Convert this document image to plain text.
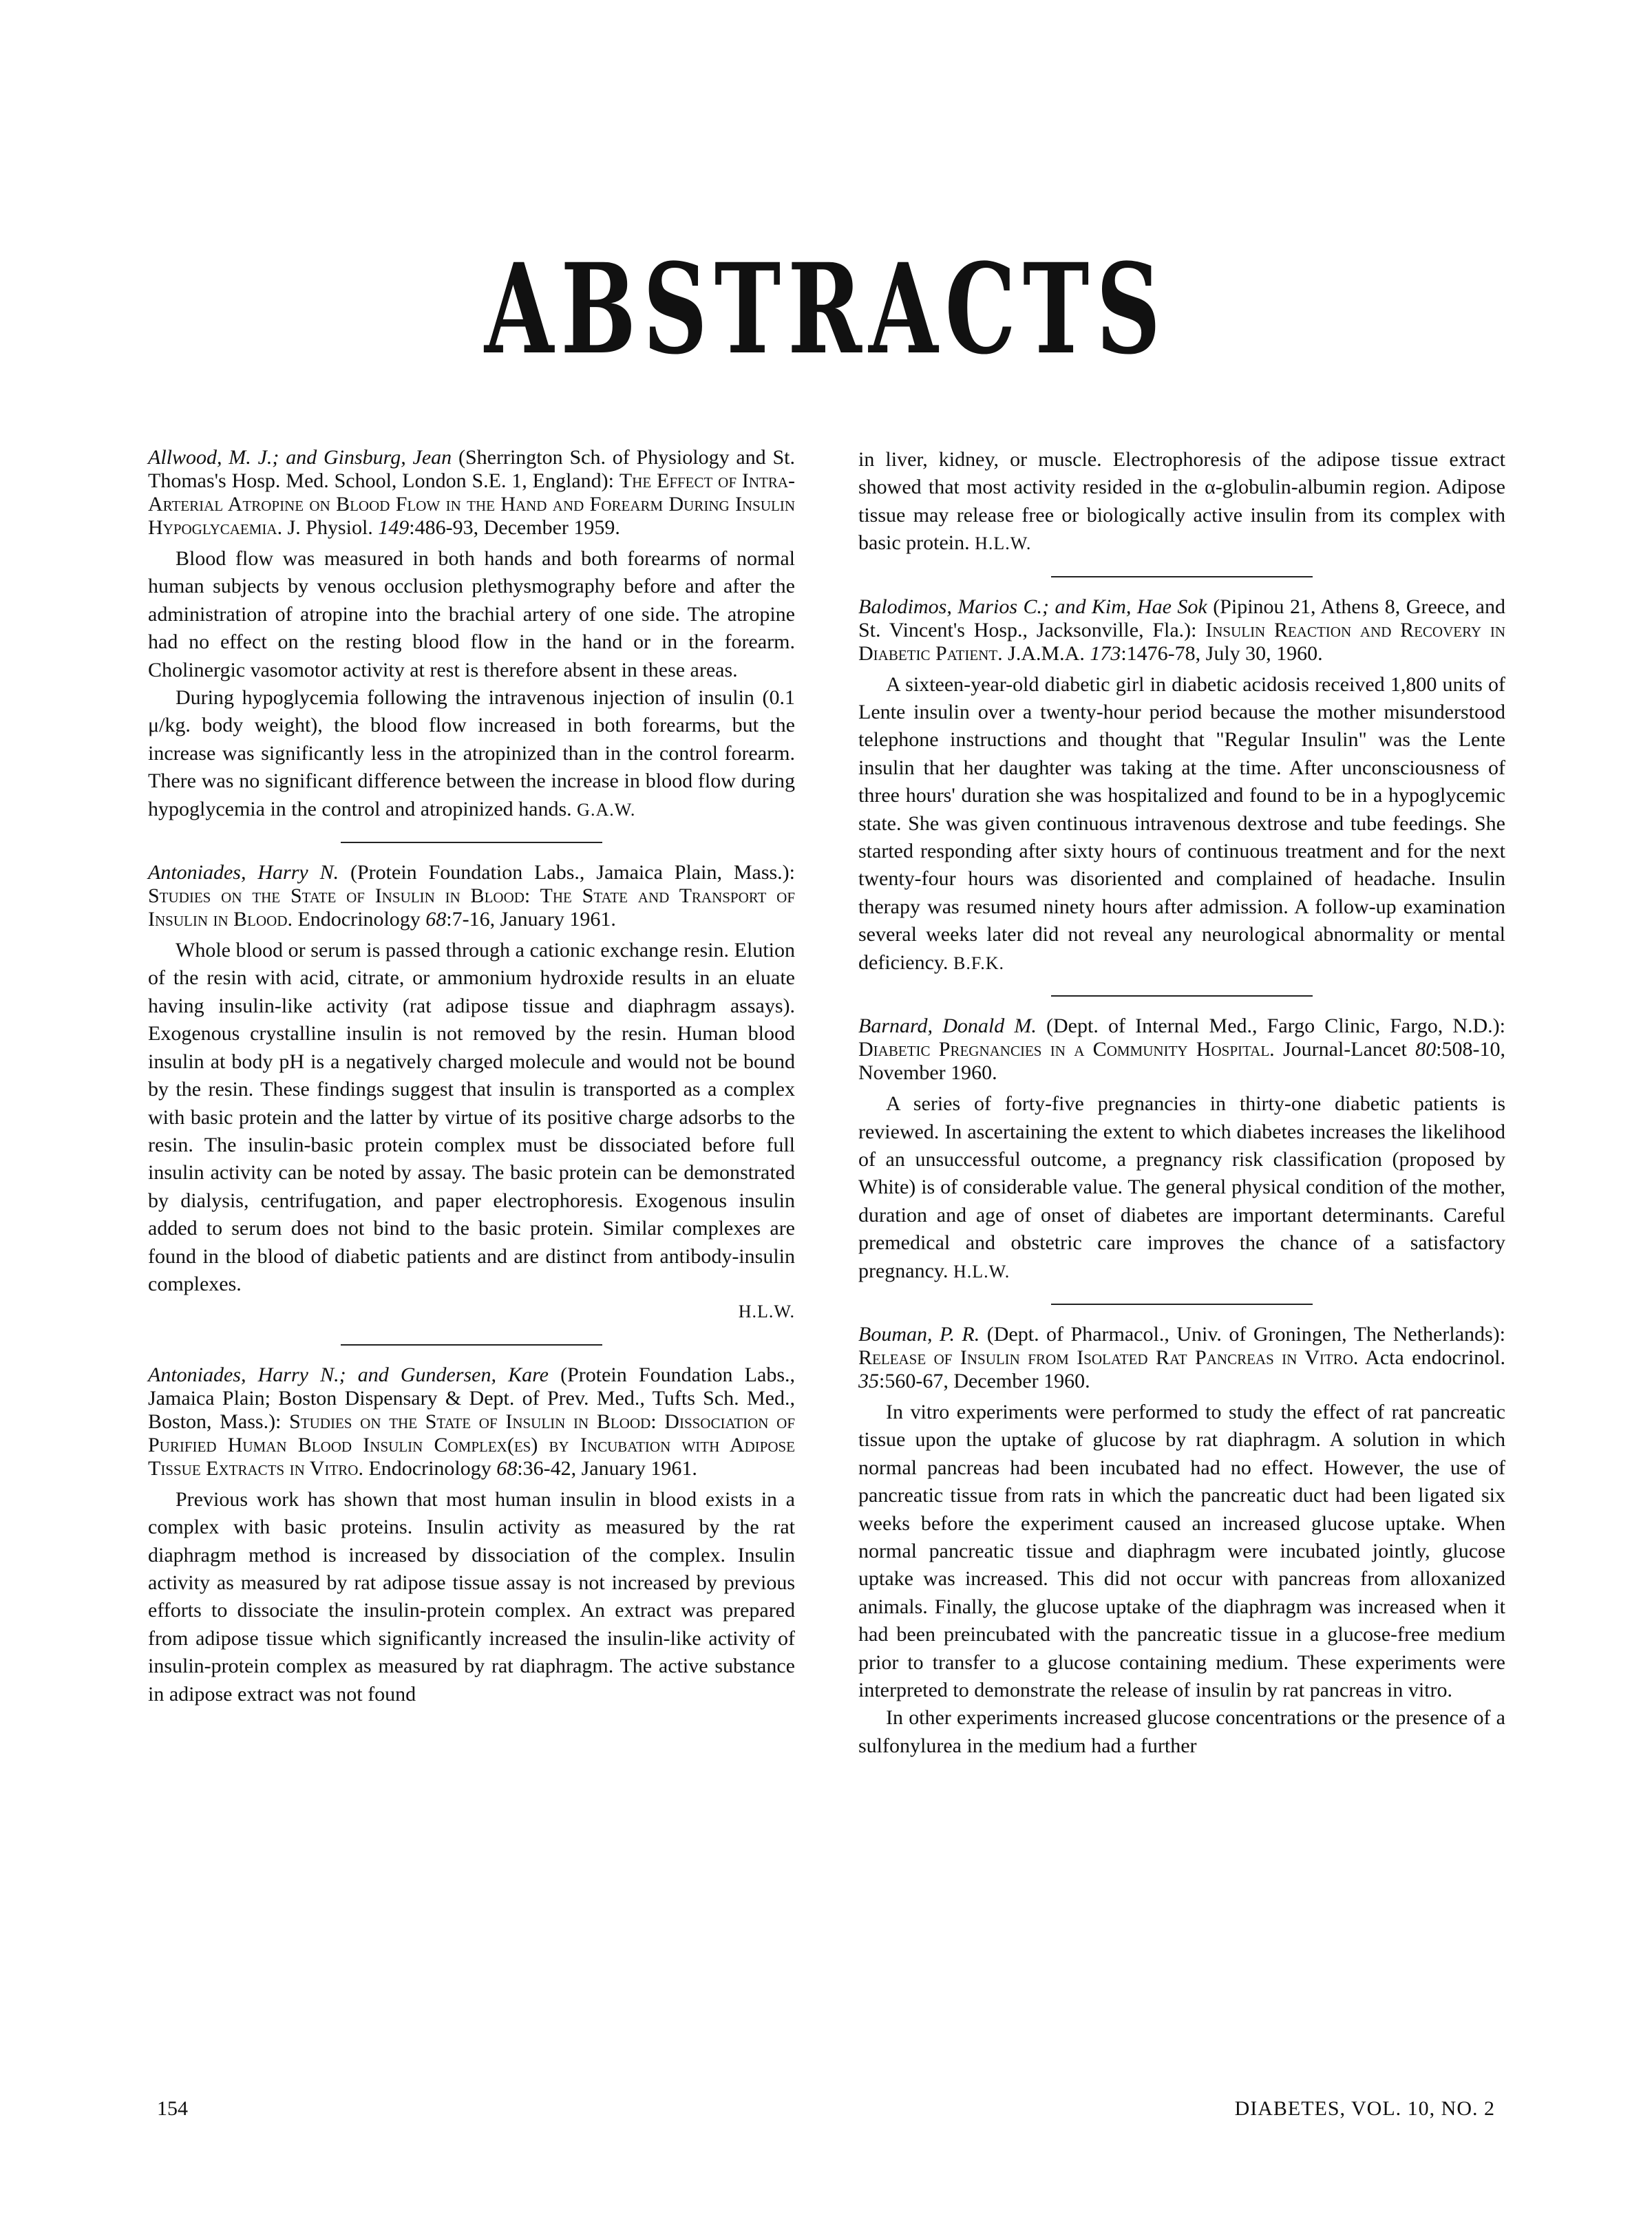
ABSTRACTS

Allwood, M. J.; and Ginsburg, Jean (Sherrington Sch. of Physiology and St. Thomas's Hosp. Med. School, London S.E. 1, England): The Effect of Intra-Arterial Atropine on Blood Flow in the Hand and Forearm During Insulin Hypoglycaemia. J. Physiol. 149:486-93, December 1959.

Blood flow was measured in both hands and both forearms of normal human subjects by venous occlusion plethysmography before and after the administration of atropine into the brachial artery of one side. The atropine had no effect on the resting blood flow in the hand or in the forearm. Cholinergic vasomotor activity at rest is therefore absent in these areas.

During hypoglycemia following the intravenous injection of insulin (0.1 μ/kg. body weight), the blood flow increased in both forearms, but the increase was significantly less in the atropinized than in the control forearm. There was no significant difference between the increase in blood flow during hypoglycemia in the control and atropinized hands. G.A.W.

Antoniades, Harry N. (Protein Foundation Labs., Jamaica Plain, Mass.): Studies on the State of Insulin in Blood: The State and Transport of Insulin in Blood. Endocrinology 68:7-16, January 1961.

Whole blood or serum is passed through a cationic exchange resin. Elution of the resin with acid, citrate, or ammonium hydroxide results in an eluate having insulin-like activity (rat adipose tissue and diaphragm assays). Exogenous crystalline insulin is not removed by the resin. Human blood insulin at body pH is a negatively charged molecule and would not be bound by the resin. These findings suggest that insulin is transported as a complex with basic protein and the latter by virtue of its positive charge adsorbs to the resin. The insulin-basic protein complex must be dissociated before full insulin activity can be noted by assay. The basic protein can be demonstrated by dialysis, centrifugation, and paper electrophoresis. Exogenous insulin added to serum does not bind to the basic protein. Similar complexes are found in the blood of diabetic patients and are distinct from antibody-insulin complexes.

H.L.W.

Antoniades, Harry N.; and Gundersen, Kare (Protein Foundation Labs., Jamaica Plain; Boston Dispensary & Dept. of Prev. Med., Tufts Sch. Med., Boston, Mass.): Studies on the State of Insulin in Blood: Dissociation of Purified Human Blood Insulin Complex(es) by Incubation with Adipose Tissue Extracts in Vitro. Endocrinology 68:36-42, January 1961.

Previous work has shown that most human insulin in blood exists in a complex with basic proteins. Insulin activity as measured by the rat diaphragm method is increased by dissociation of the complex. Insulin activity as measured by rat adipose tissue assay is not increased by previous efforts to dissociate the insulin-protein complex. An extract was prepared from adipose tissue which significantly increased the insulin-like activity of insulin-protein complex as measured by rat diaphragm. The active substance in adipose extract was not found

in liver, kidney, or muscle. Electrophoresis of the adipose tissue extract showed that most activity resided in the α-globulin-albumin region. Adipose tissue may release free or biologically active insulin from its complex with basic protein. H.L.W.

Balodimos, Marios C.; and Kim, Hae Sok (Pipinou 21, Athens 8, Greece, and St. Vincent's Hosp., Jacksonville, Fla.): Insulin Reaction and Recovery in Diabetic Patient. J.A.M.A. 173:1476-78, July 30, 1960.

A sixteen-year-old diabetic girl in diabetic acidosis received 1,800 units of Lente insulin over a twenty-hour period because the mother misunderstood telephone instructions and thought that "Regular Insulin" was the Lente insulin that her daughter was taking at the time. After unconsciousness of three hours' duration she was hospitalized and found to be in a hypoglycemic state. She was given continuous intravenous dextrose and tube feedings. She started responding after sixty hours of continuous treatment and for the next twenty-four hours was disoriented and complained of headache. Insulin therapy was resumed ninety hours after admission. A follow-up examination several weeks later did not reveal any neurological abnormality or mental deficiency. B.F.K.

Barnard, Donald M. (Dept. of Internal Med., Fargo Clinic, Fargo, N.D.): Diabetic Pregnancies in a Community Hospital. Journal-Lancet 80:508-10, November 1960.

A series of forty-five pregnancies in thirty-one diabetic patients is reviewed. In ascertaining the extent to which diabetes increases the likelihood of an unsuccessful outcome, a pregnancy risk classification (proposed by White) is of considerable value. The general physical condition of the mother, duration and age of onset of diabetes are important determinants. Careful premedical and obstetric care improves the chance of a satisfactory pregnancy. H.L.W.

Bouman, P. R. (Dept. of Pharmacol., Univ. of Groningen, The Netherlands): Release of Insulin from Isolated Rat Pancreas in Vitro. Acta endocrinol. 35:560-67, December 1960.

In vitro experiments were performed to study the effect of rat pancreatic tissue upon the uptake of glucose by rat diaphragm. A solution in which normal pancreas had been incubated had no effect. However, the use of pancreatic tissue from rats in which the pancreatic duct had been ligated six weeks before the experiment caused an increased glucose uptake. When normal pancreatic tissue and diaphragm were incubated jointly, glucose uptake was increased. This did not occur with pancreas from alloxanized animals. Finally, the glucose uptake of the diaphragm was increased when it had been preincubated with the pancreatic tissue in a glucose-free medium prior to transfer to a glucose containing medium. These experiments were interpreted to demonstrate the release of insulin by rat pancreas in vitro.

In other experiments increased glucose concentrations or the presence of a sulfonylurea in the medium had a further

154	DIABETES, VOL. 10, NO. 2
